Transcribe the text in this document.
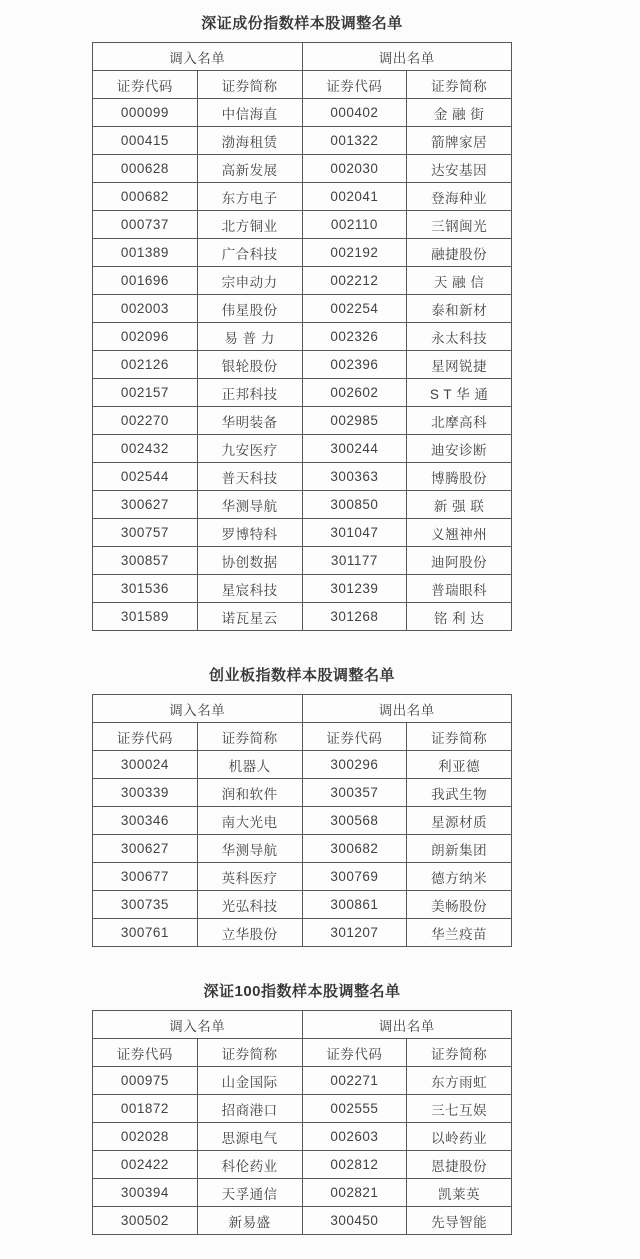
深证成份指数样本股调整名单
调入名单		调出名单	
证券代码	证券简称	证券代码	证券简称
000099	中信海直	000402	金 融 街
000415	渤海租赁	001322	箭牌家居
000628	高新发展	002030	达安基因
000682	东方电子	002041	登海种业
000737	北方铜业	002110	三钢闽光
001389	广合科技	002192	融捷股份
001696	宗申动力	002212	天 融 信
002003	伟星股份	002254	泰和新材
002096	易 普 力	002326	永太科技
002126	银轮股份	002396	星网锐捷
002157	正邦科技	002602	S T 华 通
002270	华明装备	002985	北摩高科
002432	九安医疗	300244	迪安诊断
002544	普天科技	300363	博腾股份
300627	华测导航	300850	新 强 联
300757	罗博特科	301047	义翘神州
300857	协创数据	301177	迪阿股份
301536	星宸科技	301239	普瑞眼科
301589	诺瓦星云	301268	铭 利 达
创业板指数样本股调整名单
调入名单		调出名单	
证券代码	证券简称	证券代码	证券简称
300024	机器人	300296	利亚德
300339	润和软件	300357	我武生物
300346	南大光电	300568	星源材质
300627	华测导航	300682	朗新集团
300677	英科医疗	300769	德方纳米
300735	光弘科技	300861	美畅股份
300761	立华股份	301207	华兰疫苗
深证100指数样本股调整名单
调入名单		调出名单	
证券代码	证券简称	证券代码	证券简称
000975	山金国际	002271	东方雨虹
001872	招商港口	002555	三七互娱
002028	思源电气	002603	以岭药业
002422	科伦药业	002812	恩捷股份
300394	天孚通信	002821	凯莱英
300502	新易盛	300450	先导智能
